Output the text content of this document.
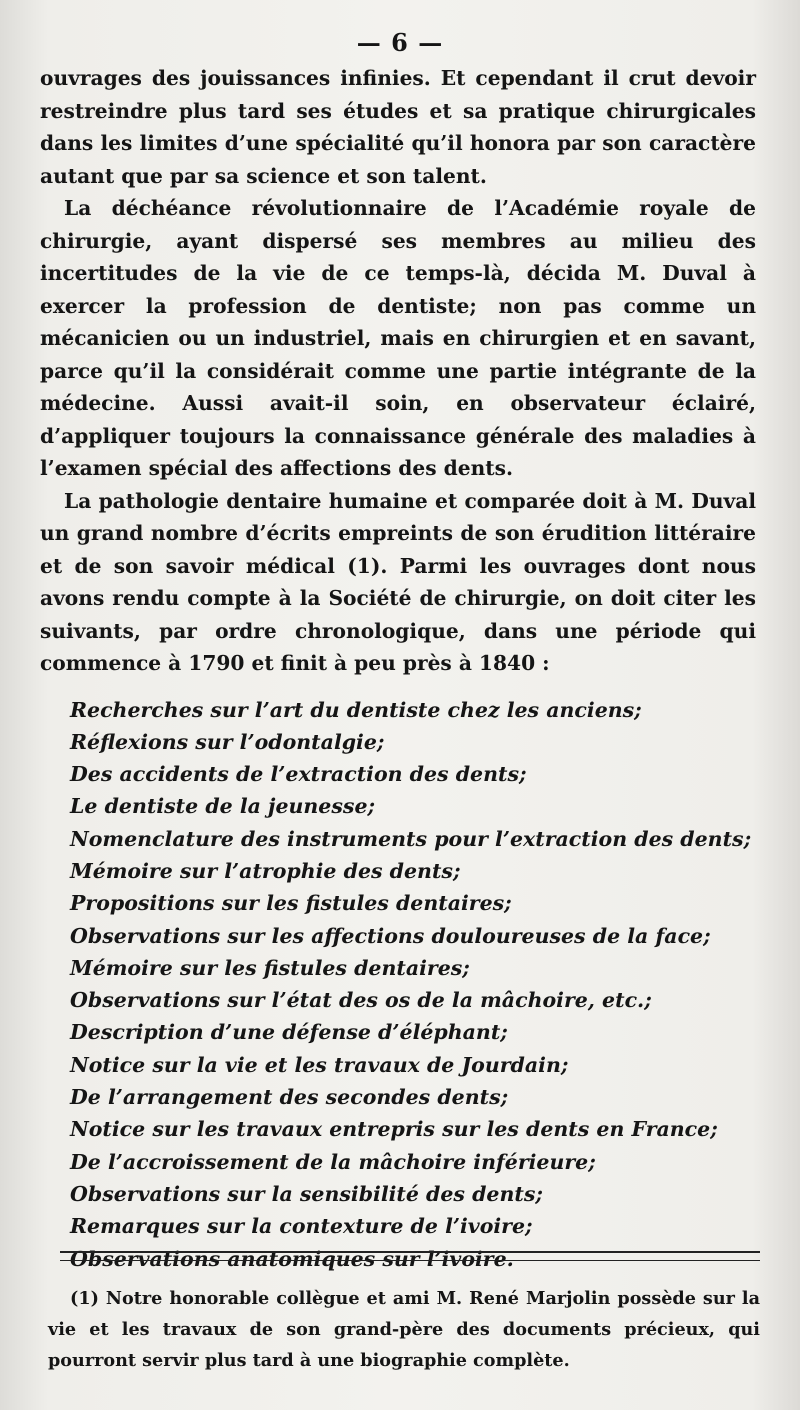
— 6 —

ouvrages des jouissances infinies. Et cependant il crut devoir restreindre plus tard ses études et sa pratique chirurgicales dans les limites d’une spécialité qu’il honora par son caractère autant que par sa science et son talent.

La déchéance révolutionnaire de l’Académie royale de chirurgie, ayant dispersé ses membres au milieu des incertitudes de la vie de ce temps-là, décida M. Duval à exercer la profession de dentiste; non pas comme un mécanicien ou un industriel, mais en chirurgien et en savant, parce qu’il la considérait comme une partie intégrante de la médecine. Aussi avait-il soin, en observateur éclairé, d’appliquer toujours la connaissance générale des maladies à l’examen spécial des affections des dents.

La pathologie dentaire humaine et comparée doit à M. Duval un grand nombre d’écrits empreints de son érudition littéraire et de son savoir médical (1). Parmi les ouvrages dont nous avons rendu compte à la Société de chirurgie, on doit citer les suivants, par ordre chronologique, dans une période qui commence à 1790 et finit à peu près à 1840 :

Recherches sur l’art du dentiste chez les anciens;
Réflexions sur l’odontalgie;
Des accidents de l’extraction des dents;
Le dentiste de la jeunesse;
Nomenclature des instruments pour l’extraction des dents;
Mémoire sur l’atrophie des dents;
Propositions sur les fistules dentaires;
Observations sur les affections douloureuses de la face;
Mémoire sur les fistules dentaires;
Observations sur l’état des os de la mâchoire, etc.;
Description d’une défense d’éléphant;
Notice sur la vie et les travaux de Jourdain;
De l’arrangement des secondes dents;
Notice sur les travaux entrepris sur les dents en France;
De l’accroissement de la mâchoire inférieure;
Observations sur la sensibilité des dents;
Remarques sur la contexture de l’ivoire;
Observations anatomiques sur l’ivoire.
(1) Notre honorable collègue et ami M. René Marjolin possède sur la vie et les travaux de son grand-père des documents précieux, qui pourront servir plus tard à une biographie complète.
